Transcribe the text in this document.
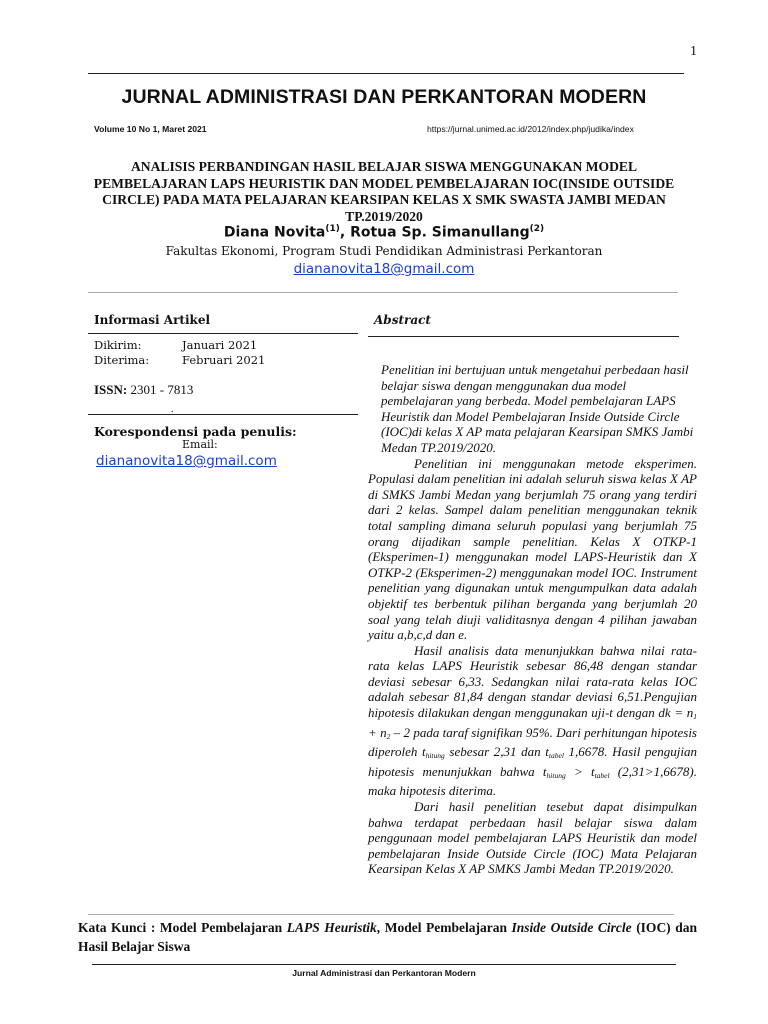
1
JURNAL ADMINISTRASI DAN PERKANTORAN MODERN
Volume 10 No 1, Maret 2021	https://jurnal.unimed.ac.id/2012/index.php/judika/index
ANALISIS PERBANDINGAN HASIL BELAJAR SISWA MENGGUNAKAN MODEL PEMBELAJARAN LAPS HEURISTIK DAN MODEL PEMBELAJARAN IOC(INSIDE OUTSIDE CIRCLE) PADA MATA PELAJARAN KEARSIPAN KELAS X SMK SWASTA JAMBI MEDAN TP.2019/2020
Diana Novita$^{(1)}$, Rotua Sp. Simanullang$^{(2)}$
Fakultas Ekonomi, Program Studi Pendidikan Administrasi Perkantoran
diananovita18@gmail.com
Informasi Artikel
Dikirim:	Januari 2021
Diterima:	Februari 2021
ISSN: 2301 - 7813
.
Korespondensi pada penulis:
Email:
diananovita18@gmail.com
Abstract

Penelitian ini bertujuan untuk mengetahui perbedaan hasil belajar siswa dengan menggunakan dua model pembelajaran yang berbeda. Model pembelajaran LAPS Heuristik dan Model Pembelajaran Inside Outside Circle (IOC)di kelas X AP mata pelajaran Kearsipan SMKS Jambi Medan TP.2019/2020.

Penelitian ini menggunakan metode eksperimen. Populasi dalam penelitian ini adalah seluruh siswa kelas X AP di SMKS Jambi Medan yang berjumlah 75 orang yang terdiri dari 2 kelas. Sampel dalam penelitian menggunakan teknik total sampling dimana seluruh populasi yang berjumlah 75 orang dijadikan sample penelitian. Kelas X OTKP-1 (Eksperimen-1) menggunakan model LAPS-Heuristik dan X OTKP-2 (Eksperimen-2) menggunakan model IOC. Instrument penelitian yang digunakan untuk mengumpulkan data adalah objektif tes berbentuk pilihan berganda yang berjumlah 20 soal yang telah diuji validitasnya dengan 4 pilihan jawaban yaitu a,b,c,d dan e.

Hasil analisis data menunjukkan bahwa nilai rata-rata kelas LAPS Heuristik sebesar 86,48 dengan standar deviasi sebesar 6,33. Sedangkan nilai rata-rata kelas IOC adalah sebesar 81,84 dengan standar deviasi 6,51.Pengujian hipotesis dilakukan dengan menggunakan uji-t dengan dk = $n_1 + n_2 - 2$ pada taraf signifikan 95%. Dari perhitungan hipotesis diperoleh $t_{hitung}$ sebesar 2,31 dan $t_{tabel}$ 1,6678. Hasil pengujian hipotesis menunjukkan bahwa $t_{hitung} > t_{tabel}$ (2,31>1,6678). maka hipotesis diterima.

Dari hasil penelitian tesebut dapat disimpulkan bahwa terdapat perbedaan hasil belajar siswa dalam penggunaan model pembelajaran LAPS Heuristik dan model pembelajaran Inside Outside Circle (IOC) Mata Pelajaran Kearsipan Kelas X AP SMKS Jambi Medan TP.2019/2020.

Kata Kunci : Model Pembelajaran LAPS Heuristik, Model Pembelajaran Inside Outside Circle (IOC) dan Hasil Belajar Siswa
Jurnal Administrasi dan Perkantoran Modern
